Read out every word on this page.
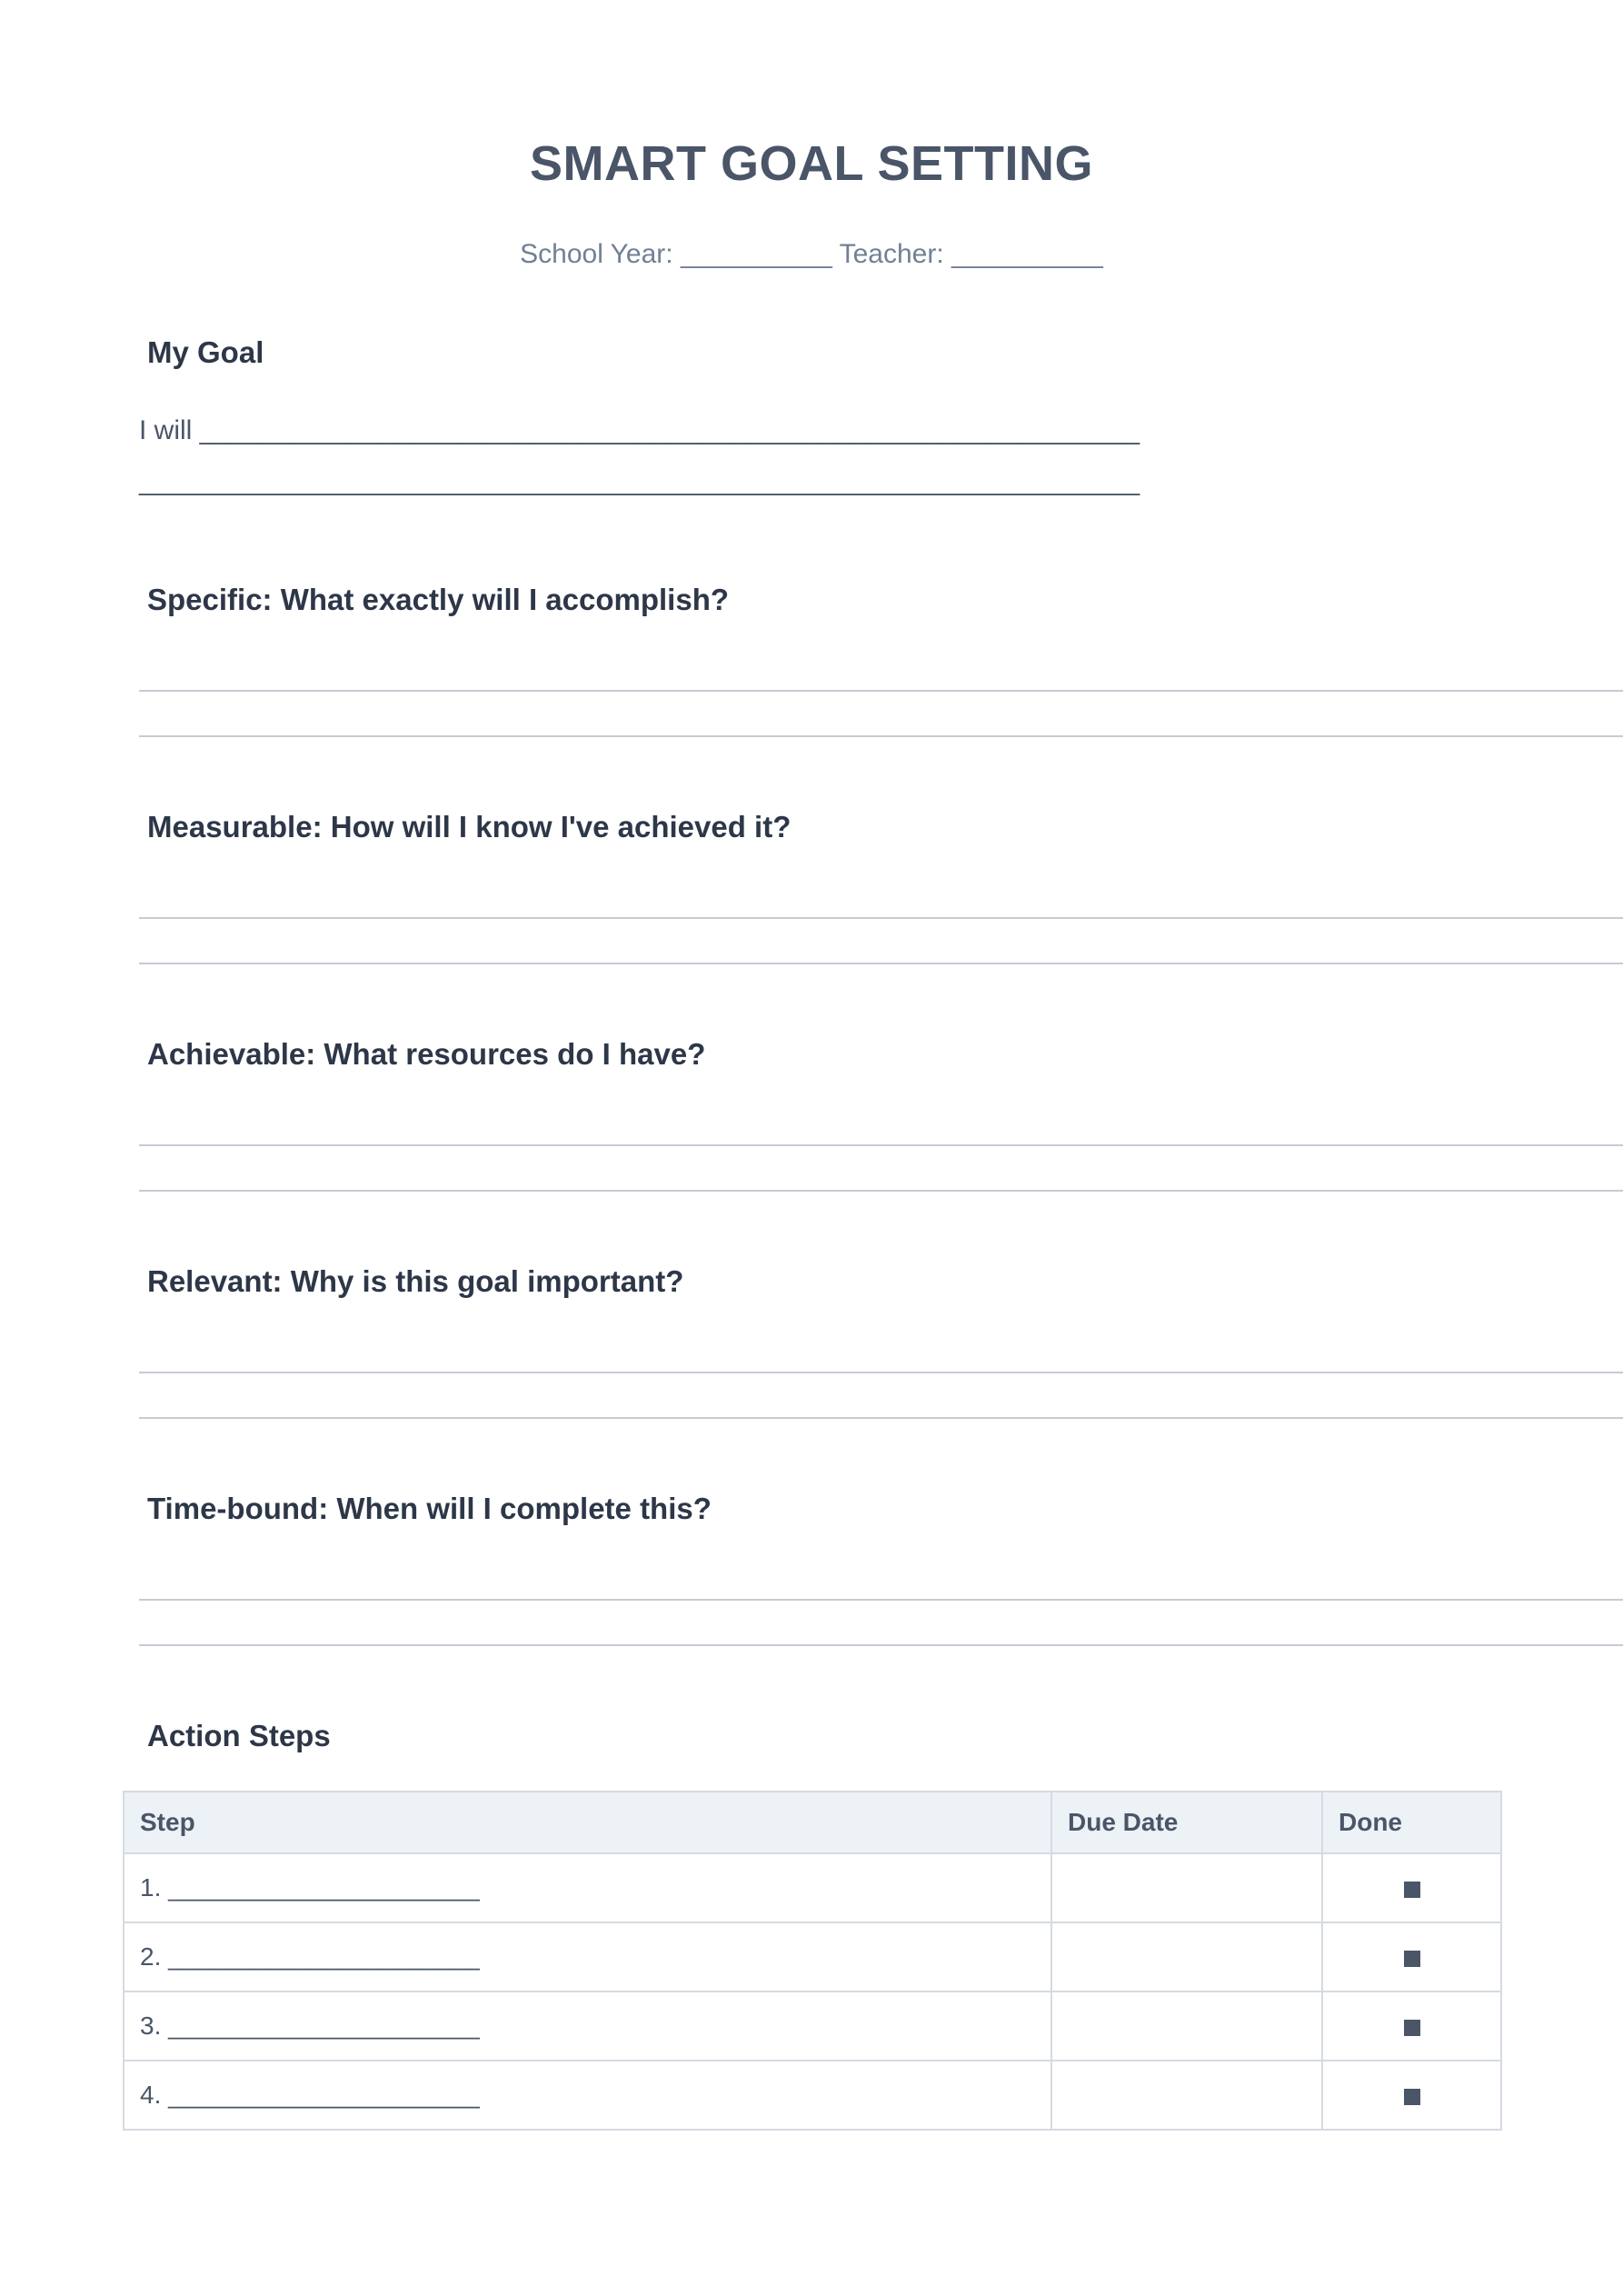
SMART GOAL SETTING
School Year: __________ Teacher: __________
My Goal
I will ______________________________________________________________
__________________________________________________________________
Specific: What exactly will I accomplish?
Measurable: How will I know I've achieved it?
Achievable: What resources do I have?
Relevant: Why is this goal important?
Time-bound: When will I complete this?
Action Steps
Step	Due Date	Done
1. ______________________		
2. ______________________		
3. ______________________		
4. ______________________		
